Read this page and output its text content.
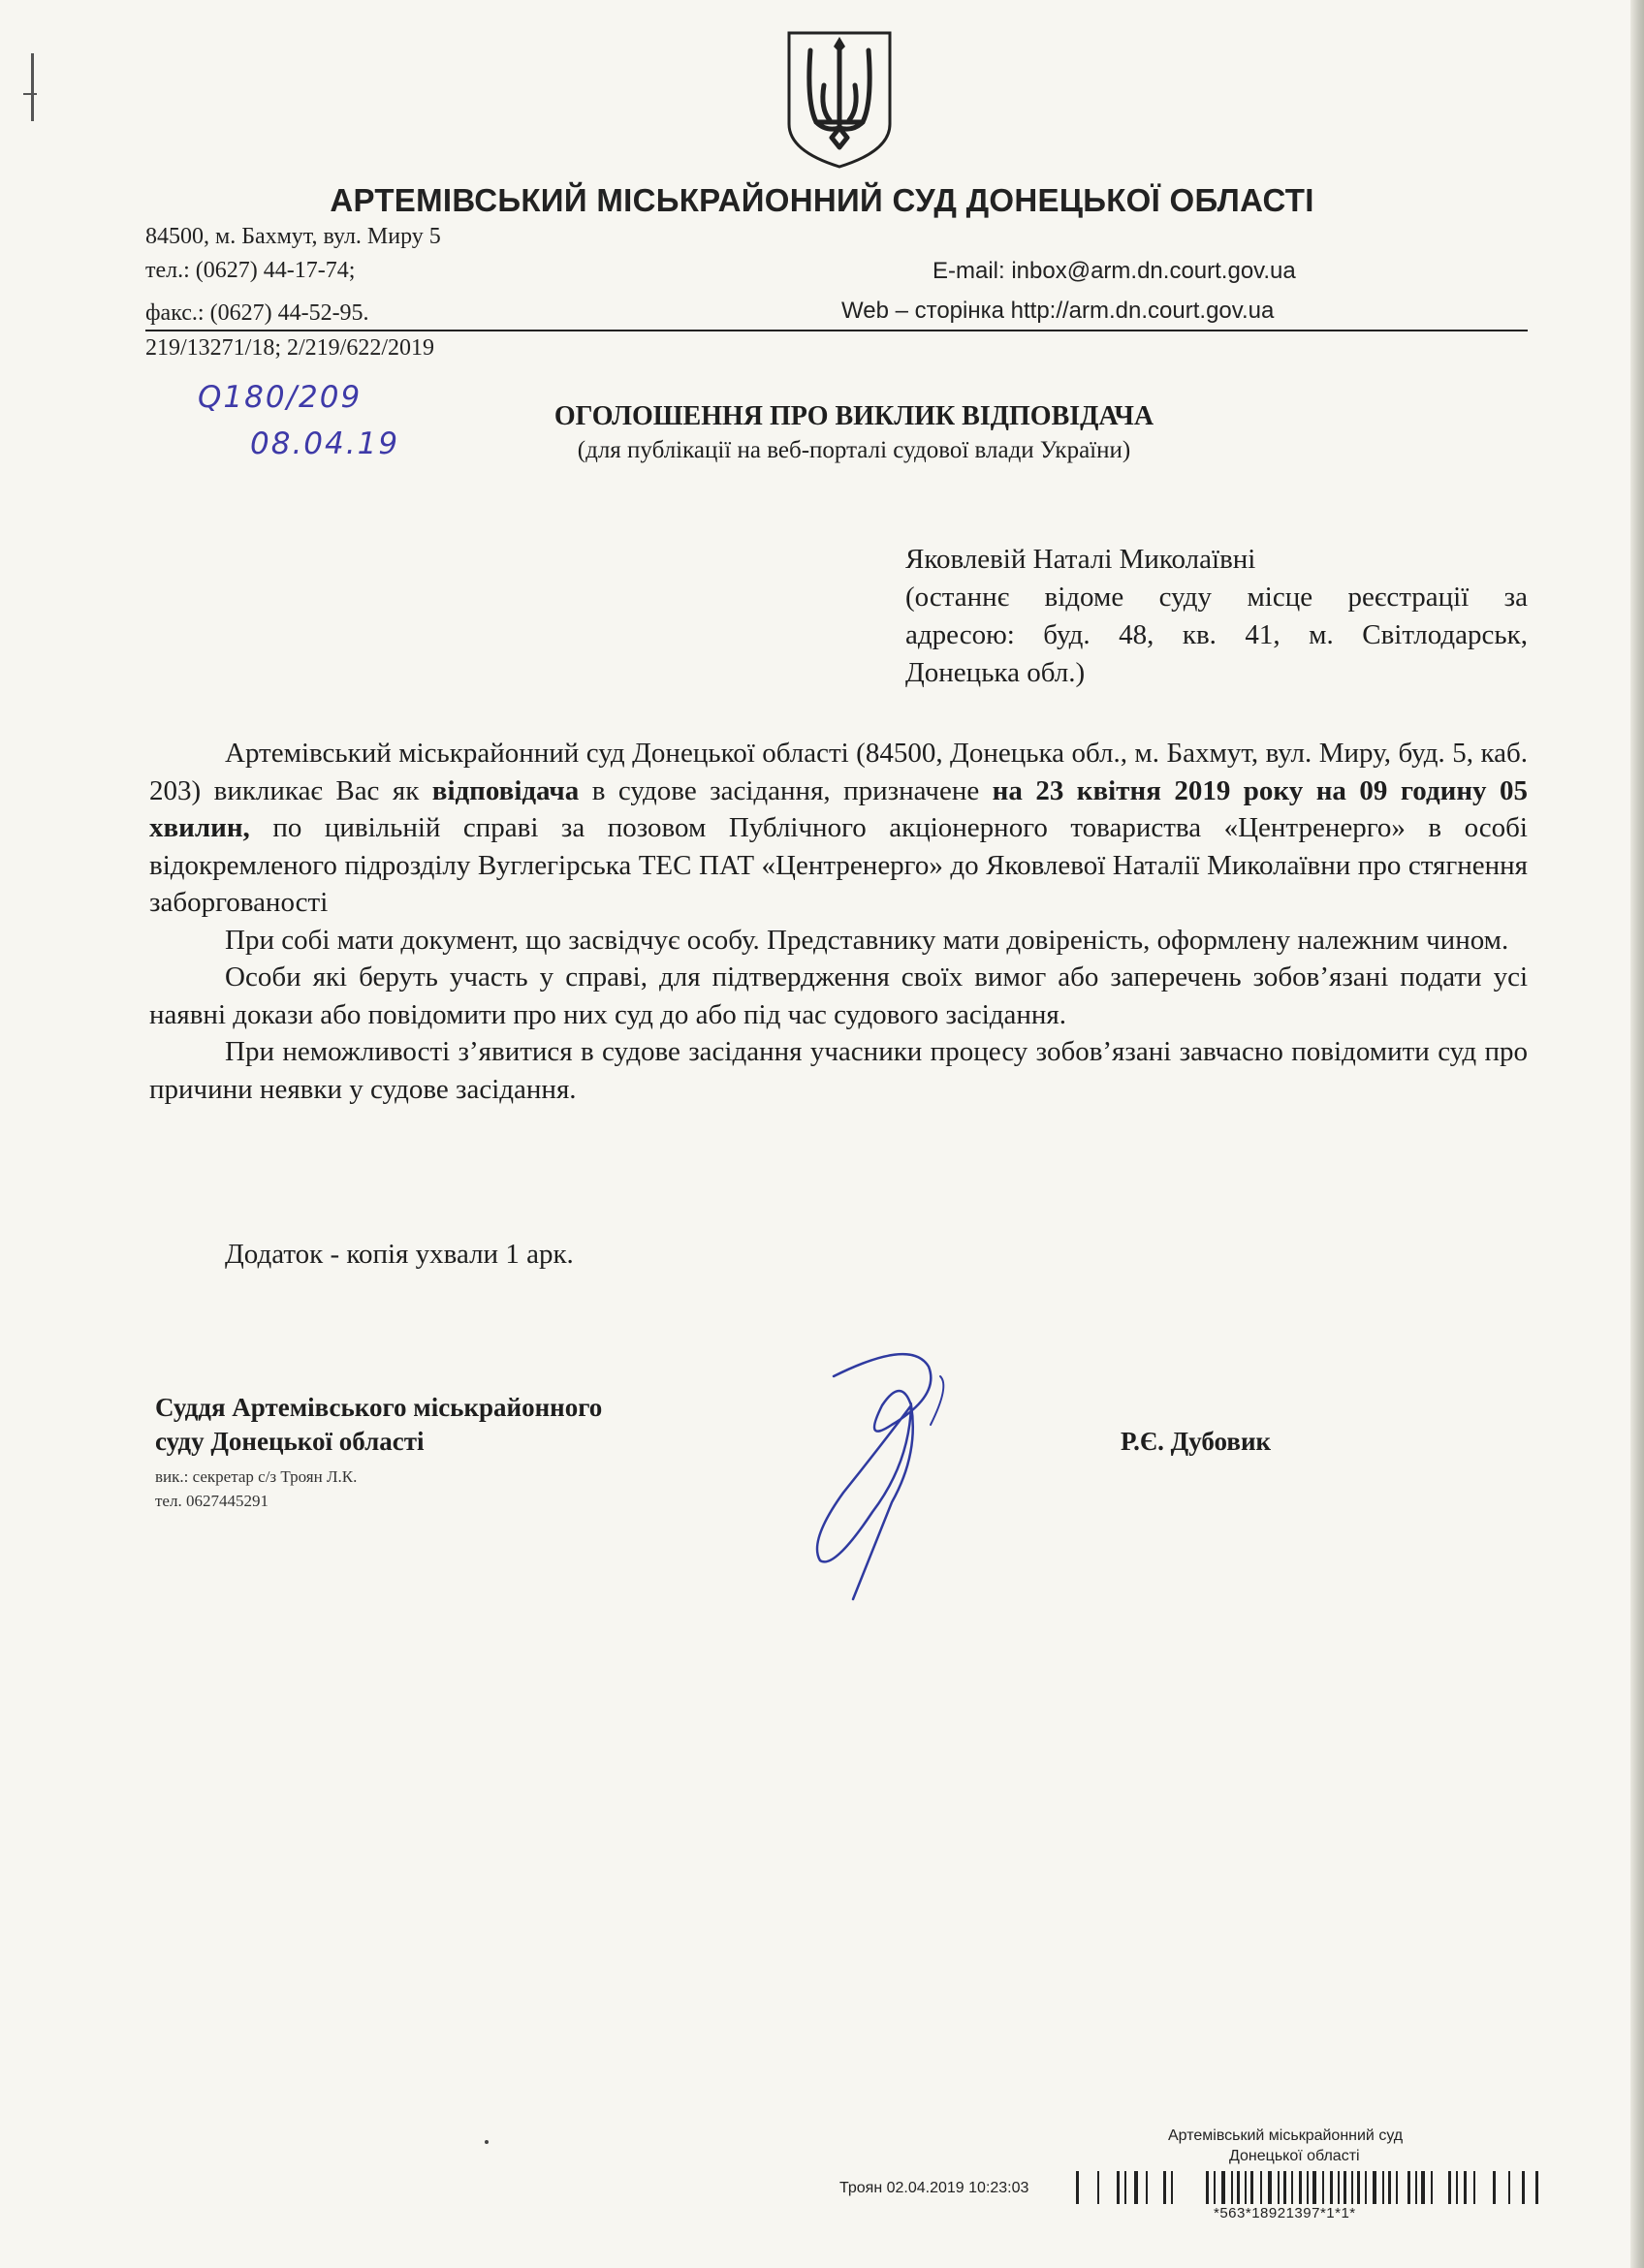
АРТЕМІВСЬКИЙ МІСЬКРАЙОННИЙ СУД ДОНЕЦЬКОЇ ОБЛАСТІ
84500, м. Бахмут, вул. Миру 5
тел.: (0627) 44-17-74;	E-mail: inbox@arm.dn.court.gov.ua
факс.: (0627) 44-52-95.	Web – сторінка http://arm.dn.court.gov.ua
219/13271/18; 2/219/622/2019
Q180/209
08.04.19
ОГОЛОШЕННЯ ПРО ВИКЛИК ВІДПОВІДАЧА
(для публікації на веб-порталі судової влади України)
Яковлевій Наталі Миколаївні
(останнє відоме суду місце реєстрації за
адресою: буд. 48, кв. 41, м. Світлодарськ,
Донецька обл.)

Артемівський міськрайонний суд Донецької області (84500, Донецька обл., м. Бахмут, вул. Миру, буд. 5, каб. 203) викликає Вас як відповідача в судове засідання, призначене на 23 квітня 2019 року на 09 годину 05 хвилин, по цивільній справі за позовом Публічного акціонерного товариства «Центренерго» в особі відокремленого підрозділу Вуглегірська ТЕС ПАТ «Центренерго» до Яковлевої Наталії Миколаївни про стягнення заборгованості

При собі мати документ, що засвідчує особу. Представнику мати довіреність, оформлену належним чином.

Особи які беруть участь у справі, для підтвердження своїх вимог або заперечень зобов’язані подати усі наявні докази або повідомити про них суд до або під час судового засідання.

При неможливості з’явитися в судове засідання учасники процесу зобов’язані завчасно повідомити суд про причини неявки у судове засідання.

Додаток - копія ухвали 1 арк.
Суддя Артемівського міськрайонного
суду Донецької області
вик.: секретар с/з Троян Л.К.
тел. 0627445291
Р.Є. Дубовик
Артемівський міськрайонний суд
Донецької області
Троян 02.04.2019 10:23:03
*563*18921397*1*1*
